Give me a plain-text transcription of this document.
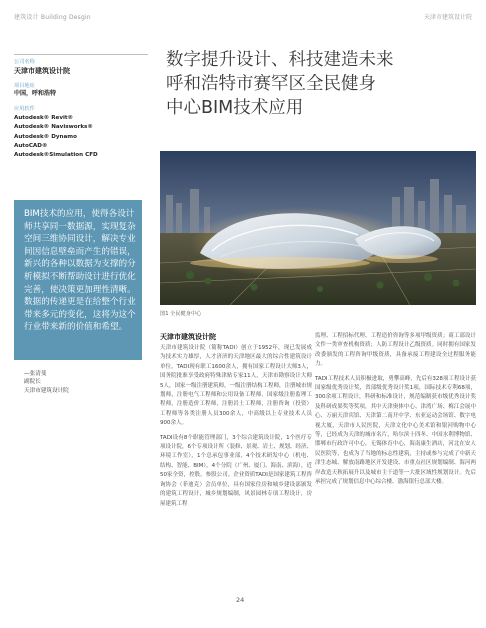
建筑设计 Building Desgin	天津市建筑设计院
公司名称
天津市建筑设计院
项目地址
中国，呼和浩特
应用软件
Autodesk® Revit®
Autodesk® Navisworks®
Autodesk® Dynamo
AutoCAD®
Autodesk®Simulation CFD
数字提升设计、科技建造未来
呼和浩特市赛罕区全民健身
中心BIM技术应用
图1 全民健身中心
BIM技术的应用，使得各设计师共享同一数据源，实现复杂空间三维协同设计，解决专业间因信息壁垒而产生的错误，新兴的各种以数据为支撑的分析模拟不断帮助设计进行优化完善，使决策更加理性清晰。数据的传递更是在给整个行业带来多元的变化，这将为这个行业带来新的价值和希望。
—张清斐
副院长
天津市建筑设计院
天津市建筑设计院

天津市建筑设计院（简称TADI）创立于1952年，现已发展成为技术实力雄厚，人才济济的天津地区最大的综合性建筑设计单位。TADI现有职工1600余人，拥有国家工程设计大师3人，国务院批准享受政府特殊津贴专家11人，天津市勘察设计大师5人，国家一级注册建筑师，一级注册结构工程师，注册城市规划师，注册电气工程师和公用设备工程师，国家级注册监理工程师，注册造价工程师，注册岩土工程师，注册咨询（投资）工程师等各类注册人员300余人，中高级以上专业技术人员900余人。

TADI设有8个职能管理部门，3个综合建筑设计院，1个医疗专项设计院，6个专项设计所（装修、景观、岩土、规划、经济、环境工作室），1个总承包事业部，4个技术研发中心（机电、结构、智能、BIM），4个分院（广州、厦门、海南、滨海），近50家全资，控股，参股公司。企业资质TADI是国家建筑工程咨询协会（菲迪克）会员单位，具有国家住房和城乡建设部颁发的建筑工程设计，城乡规划编制，风景园林专项工程设计，房屋建筑工程

监理、工程招标代理、工程造价咨询等多项甲级资质；商工部设计文件一类审查机构资质；人防工程设计乙级资质。同时拥有国家发改委颁发的工程咨询甲级资质，具备承接工程建设全过程服务能力。

TADI工程技术人员积极进取，勇攀高峰，先后有328项工程设计获国家级优秀设计奖，省部级优秀设计奖1项，国际技术专利68项，300余项工程设计，科研和标准设计，规范编制获市级优秀设计奖及科研成果奖等奖项，其中天津奥体中心、津湾广场、梅江会展中心、万丽天津宾馆、天津第二南开中学、东亚运动会场馆、数字电视大厦，天津市人民医院，天津文化中心美术馆和银河购物中心等，已经成为天津的城市名片，哈尔滨十四冬、中国水利博物馆、邯郸市行政许可中心，无锡体育中心，海南康生酒店，河北在安人民医院等，也成为了当地的标志性建筑，主持或参与完成了中新天津生态城、解放南路地区开发建设、市重点社区规划编制、海河两岸改造天秋拓展升以及城市主干道等一大批区域性规划设计。先后承担完成了规划信息中心综合楼、渤海银行总部大楼。

24
